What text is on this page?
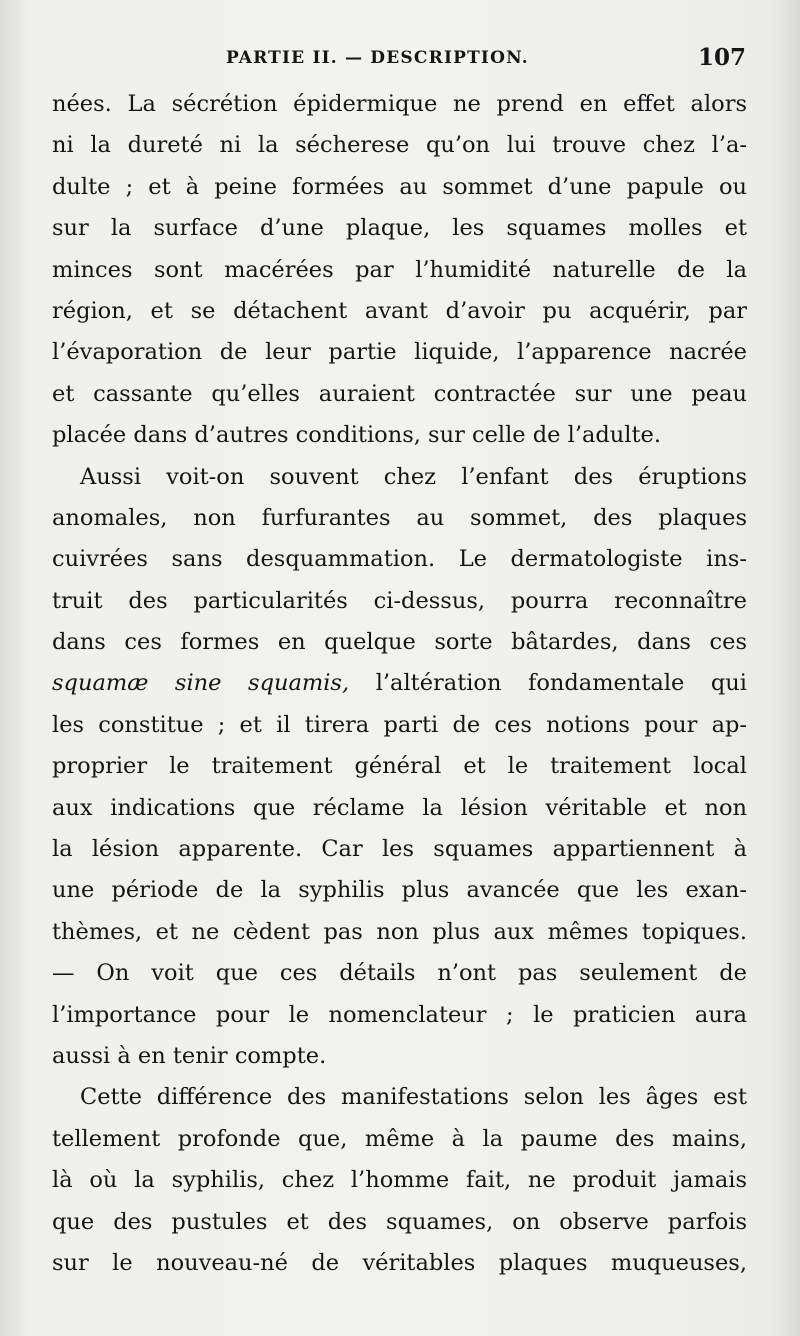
PARTIE II. — DESCRIPTION.	107
nées. La sécrétion épidermique ne prend en effet alors
ni la dureté ni la sécherese qu’on lui trouve chez l’a-
dulte ; et à peine formées au sommet d’une papule ou
sur la surface d’une plaque, les squames molles et
minces sont macérées par l’humidité naturelle de la
région, et se détachent avant d’avoir pu acquérir, par
l’évaporation de leur partie liquide, l’apparence nacrée
et cassante qu’elles auraient contractée sur une peau
placée dans d’autres conditions, sur celle de l’adulte.
Aussi voit-on souvent chez l’enfant des éruptions
anomales, non furfurantes au sommet, des plaques
cuivrées sans desquammation. Le dermatologiste ins-
truit des particularités ci-dessus, pourra reconnaître
dans ces formes en quelque sorte bâtardes, dans ces
squamæ sine squamis, l’altération fondamentale qui
les constitue ; et il tirera parti de ces notions pour ap-
proprier le traitement général et le traitement local
aux indications que réclame la lésion véritable et non
la lésion apparente. Car les squames appartiennent à
une période de la syphilis plus avancée que les exan-
thèmes, et ne cèdent pas non plus aux mêmes topiques.
— On voit que ces détails n’ont pas seulement de
l’importance pour le nomenclateur ; le praticien aura
aussi à en tenir compte.
Cette différence des manifestations selon les âges est
tellement profonde que, même à la paume des mains,
là où la syphilis, chez l’homme fait, ne produit jamais
que des pustules et des squames, on observe parfois
sur le nouveau-né de véritables plaques muqueuses,
